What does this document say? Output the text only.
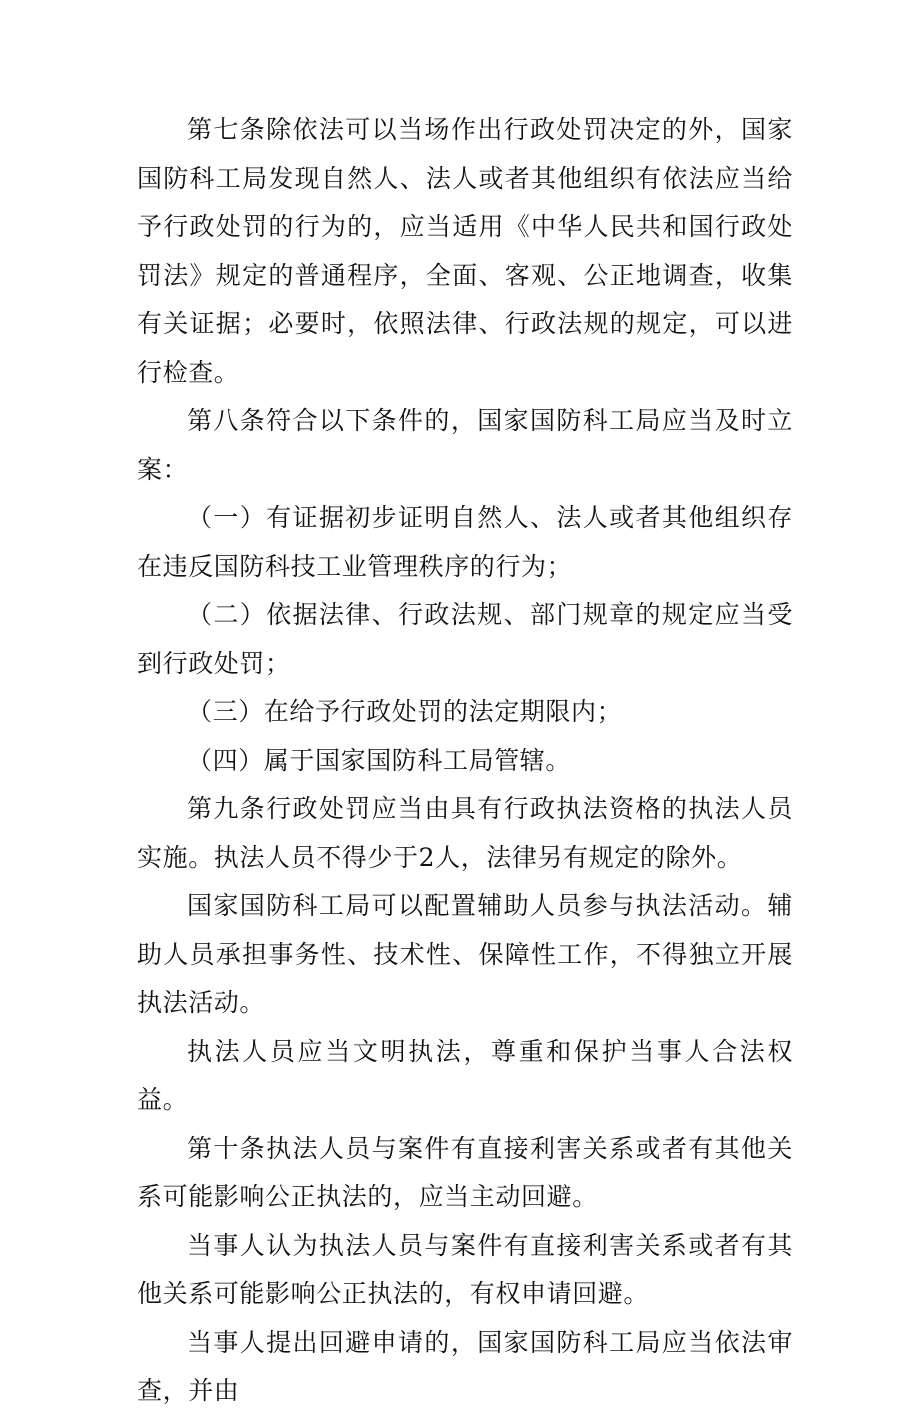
第七条除依法可以当场作出行政处罚决定的外，国家国防科工局发现自然人、法人或者其他组织有依法应当给予行政处罚的行为的，应当适用《中华人民共和国行政处罚法》规定的普通程序，全面、客观、公正地调查，收集有关证据；必要时，依照法律、行政法规的规定，可以进行检查。

第八条符合以下条件的，国家国防科工局应当及时立案：

（一）有证据初步证明自然人、法人或者其他组织存在违反国防科技工业管理秩序的行为；

（二）依据法律、行政法规、部门规章的规定应当受到行政处罚；

（三）在给予行政处罚的法定期限内；

（四）属于国家国防科工局管辖。

第九条行政处罚应当由具有行政执法资格的执法人员实施。执法人员不得少于2人，法律另有规定的除外。

国家国防科工局可以配置辅助人员参与执法活动。辅助人员承担事务性、技术性、保障性工作，不得独立开展执法活动。

执法人员应当文明执法，尊重和保护当事人合法权益。

第十条执法人员与案件有直接利害关系或者有其他关系可能影响公正执法的，应当主动回避。

当事人认为执法人员与案件有直接利害关系或者有其他关系可能影响公正执法的，有权申请回避。

当事人提出回避申请的，国家国防科工局应当依法审查，并由
